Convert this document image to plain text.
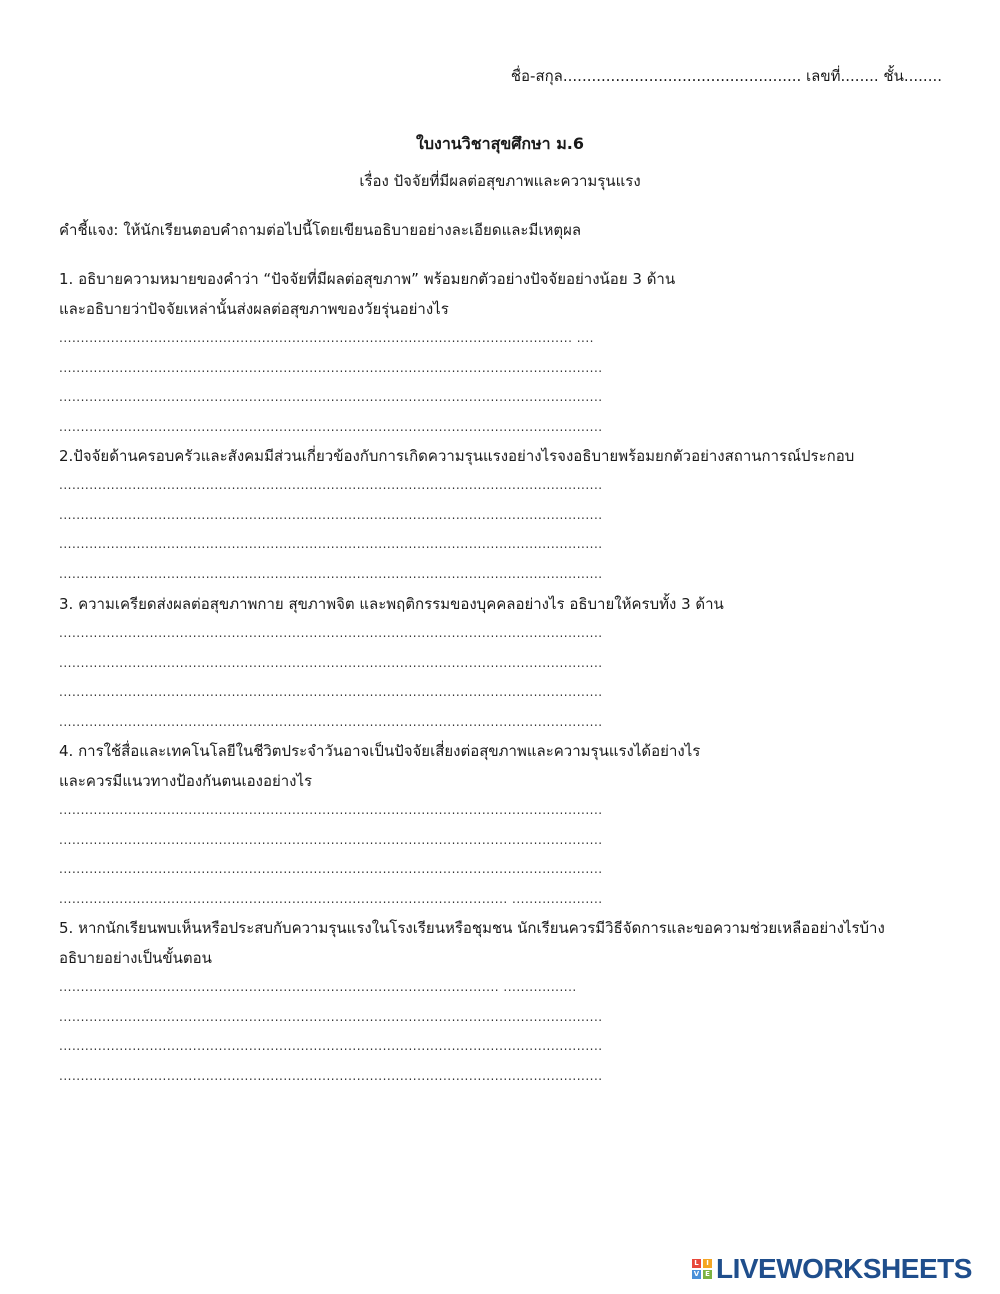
ชื่อ-สกุล.................................................. เลขที่........ ชั้น........
ใบงานวิชาสุขศึกษา ม.6
เรื่อง ปัจจัยที่มีผลต่อสุขภาพและความรุนแรง
คำชี้แจง: ให้นักเรียนตอบคำถามต่อไปนี้โดยเขียนอธิบายอย่างละเอียดและมีเหตุผล
1. อธิบายความหมายของคำว่า “ปัจจัยที่มีผลต่อสุขภาพ” พร้อมยกตัวอย่างปัจจัยอย่างน้อย 3 ด้าน
และอธิบายว่าปัจจัยเหล่านั้นส่งผลต่อสุขภาพของวัยรุ่นอย่างไร
....................................................................................................................... ....
..............................................................................................................................
..............................................................................................................................
..............................................................................................................................
2.ปัจจัยด้านครอบครัวและสังคมมีส่วนเกี่ยวข้องกับการเกิดความรุนแรงอย่างไรจงอธิบายพร้อมยกตัวอย่างสถานการณ์ประกอบ
..............................................................................................................................
..............................................................................................................................
..............................................................................................................................
..............................................................................................................................
3. ความเครียดส่งผลต่อสุขภาพกาย สุขภาพจิต และพฤติกรรมของบุคคลอย่างไร อธิบายให้ครบทั้ง 3 ด้าน
..............................................................................................................................
..............................................................................................................................
..............................................................................................................................
..............................................................................................................................
4. การใช้สื่อและเทคโนโลยีในชีวิตประจำวันอาจเป็นปัจจัยเสี่ยงต่อสุขภาพและความรุนแรงได้อย่างไร
และควรมีแนวทางป้องกันตนเองอย่างไร
..............................................................................................................................
..............................................................................................................................
..............................................................................................................................
........................................................................................................ .....................
5. หากนักเรียนพบเห็นหรือประสบกับความรุนแรงในโรงเรียนหรือชุมชน นักเรียนควรมีวิธีจัดการและขอความช่วยเหลืออย่างไรบ้าง
อธิบายอย่างเป็นขั้นตอน
...................................................................................................... .................
..............................................................................................................................
..............................................................................................................................
..............................................................................................................................
L	I
V E LIVEWORKSHEETS
